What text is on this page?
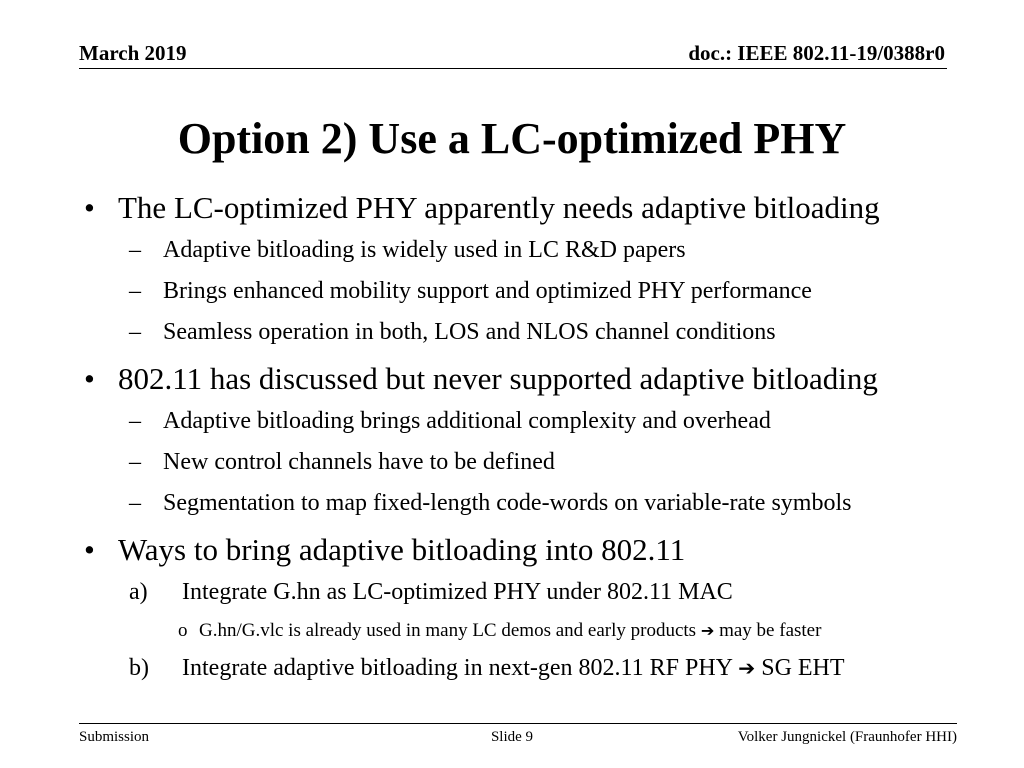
March 2019	doc.: IEEE 802.11-19/0388r0
Option 2) Use a LC-optimized PHY
• The LC-optimized PHY apparently needs adaptive bitloading
– Adaptive bitloading is widely used in LC R&D papers
– Brings enhanced mobility support and optimized PHY performance
– Seamless operation in both, LOS and NLOS channel conditions
• 802.11 has discussed but never supported adaptive bitloading
– Adaptive bitloading brings additional complexity and overhead
– New control channels have to be defined
– Segmentation to map fixed-length code-words on variable-rate symbols
• Ways to bring adaptive bitloading into 802.11
a) Integrate G.hn as LC-optimized PHY under 802.11 MAC
o G.hn/G.vlc is already used in many LC demos and early products ➔ may be faster
b) Integrate adaptive bitloading in next-gen 802.11 RF PHY ➔ SG EHT
Submission	Slide 9	Volker Jungnickel (Fraunhofer HHI)
